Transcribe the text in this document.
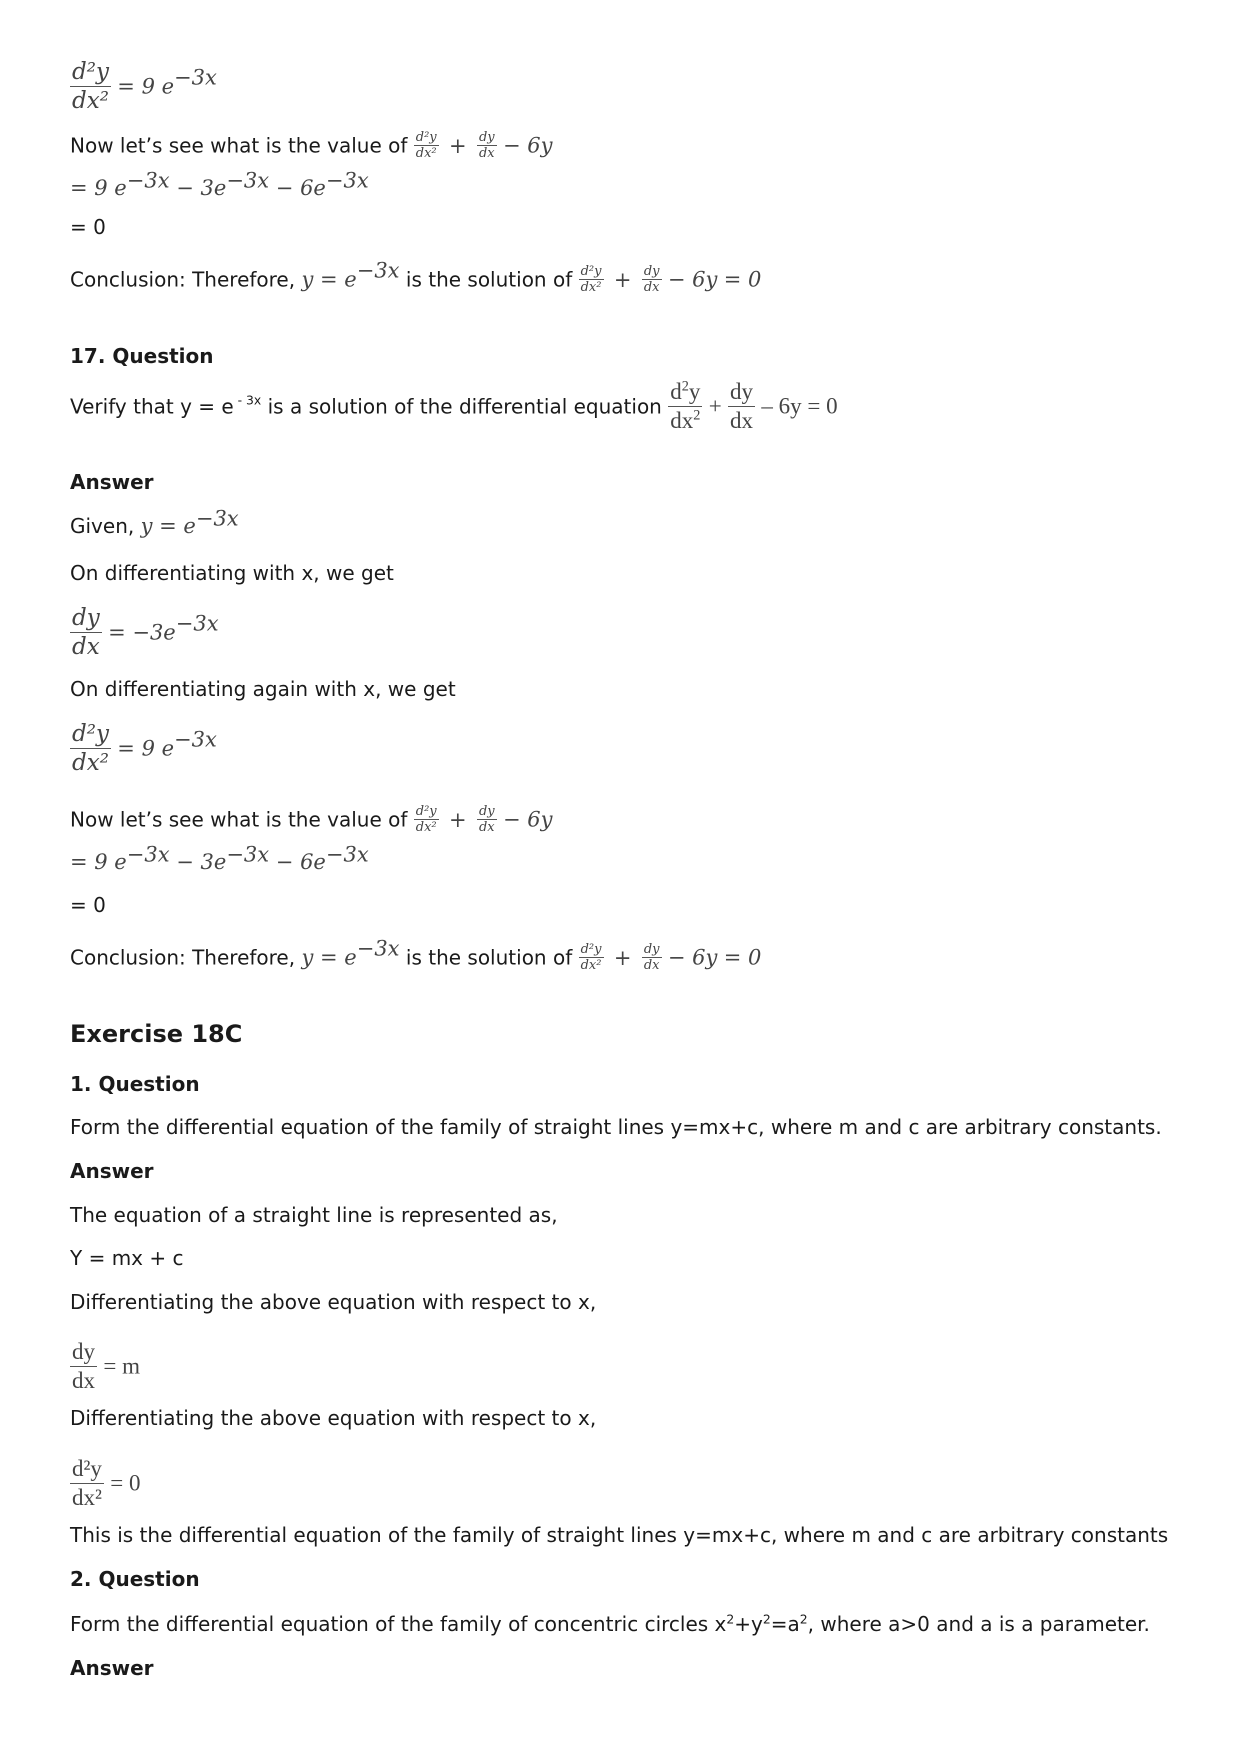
$\frac{\text{d²y}}{\text{dx²}} = 9$ $e^{-3x}$
Now let’s see what is the value of $\frac{\text{d²y}}{\text{dx²}} + \frac{dy}{dx} - 6y$
= 9 $e^{-3x} - 3e^{-3x} - 6e^{-3x}$
= 0
Conclusion: Therefore, $y = e^{-3x}$ is the solution of $\frac{\text{d²y}}{\text{dx²}} + \frac{dy}{dx} - 6y = 0$
17. Question
Verify that y = e $^{- 3x}$ is a solution of the differential equation $\frac{d^2y}{dx^2} + \frac{dy}{dx} - 6y = 0$
Answer
Given, $y = e^{-3x}$
On differentiating with x, we get
$\frac{dy}{dx} = -3e^{-3x}$
On differentiating again with x, we get
$\frac{\text{d²y}}{\text{dx²}} = 9$ $e^{-3x}$
Now let’s see what is the value of $\frac{\text{d²y}}{\text{dx²}} + \frac{dy}{dx} - 6y$
= 9 $e^{-3x} - 3e^{-3x} - 6e^{-3x}$
= 0
Conclusion: Therefore, $y = e^{-3x}$ is the solution of $\frac{\text{d²y}}{\text{dx²}} + \frac{dy}{dx} - 6y = 0$
Exercise 18C
1. Question
Form the differential equation of the family of straight lines y=mx+c, where m and c are arbitrary constants.
Answer
The equation of a straight line is represented as,
Y = mx + c
Differentiating the above equation with respect to x,
$\frac{dy}{dx} = m$
Differentiating the above equation with respect to x,
$\frac{\text{d²y}}{\text{dx²}} = 0$
This is the differential equation of the family of straight lines y=mx+c, where m and c are arbitrary constants
2. Question
Form the differential equation of the family of concentric circles $x^2+y^2=a^2$, where a>0 and a is a parameter.
Answer
